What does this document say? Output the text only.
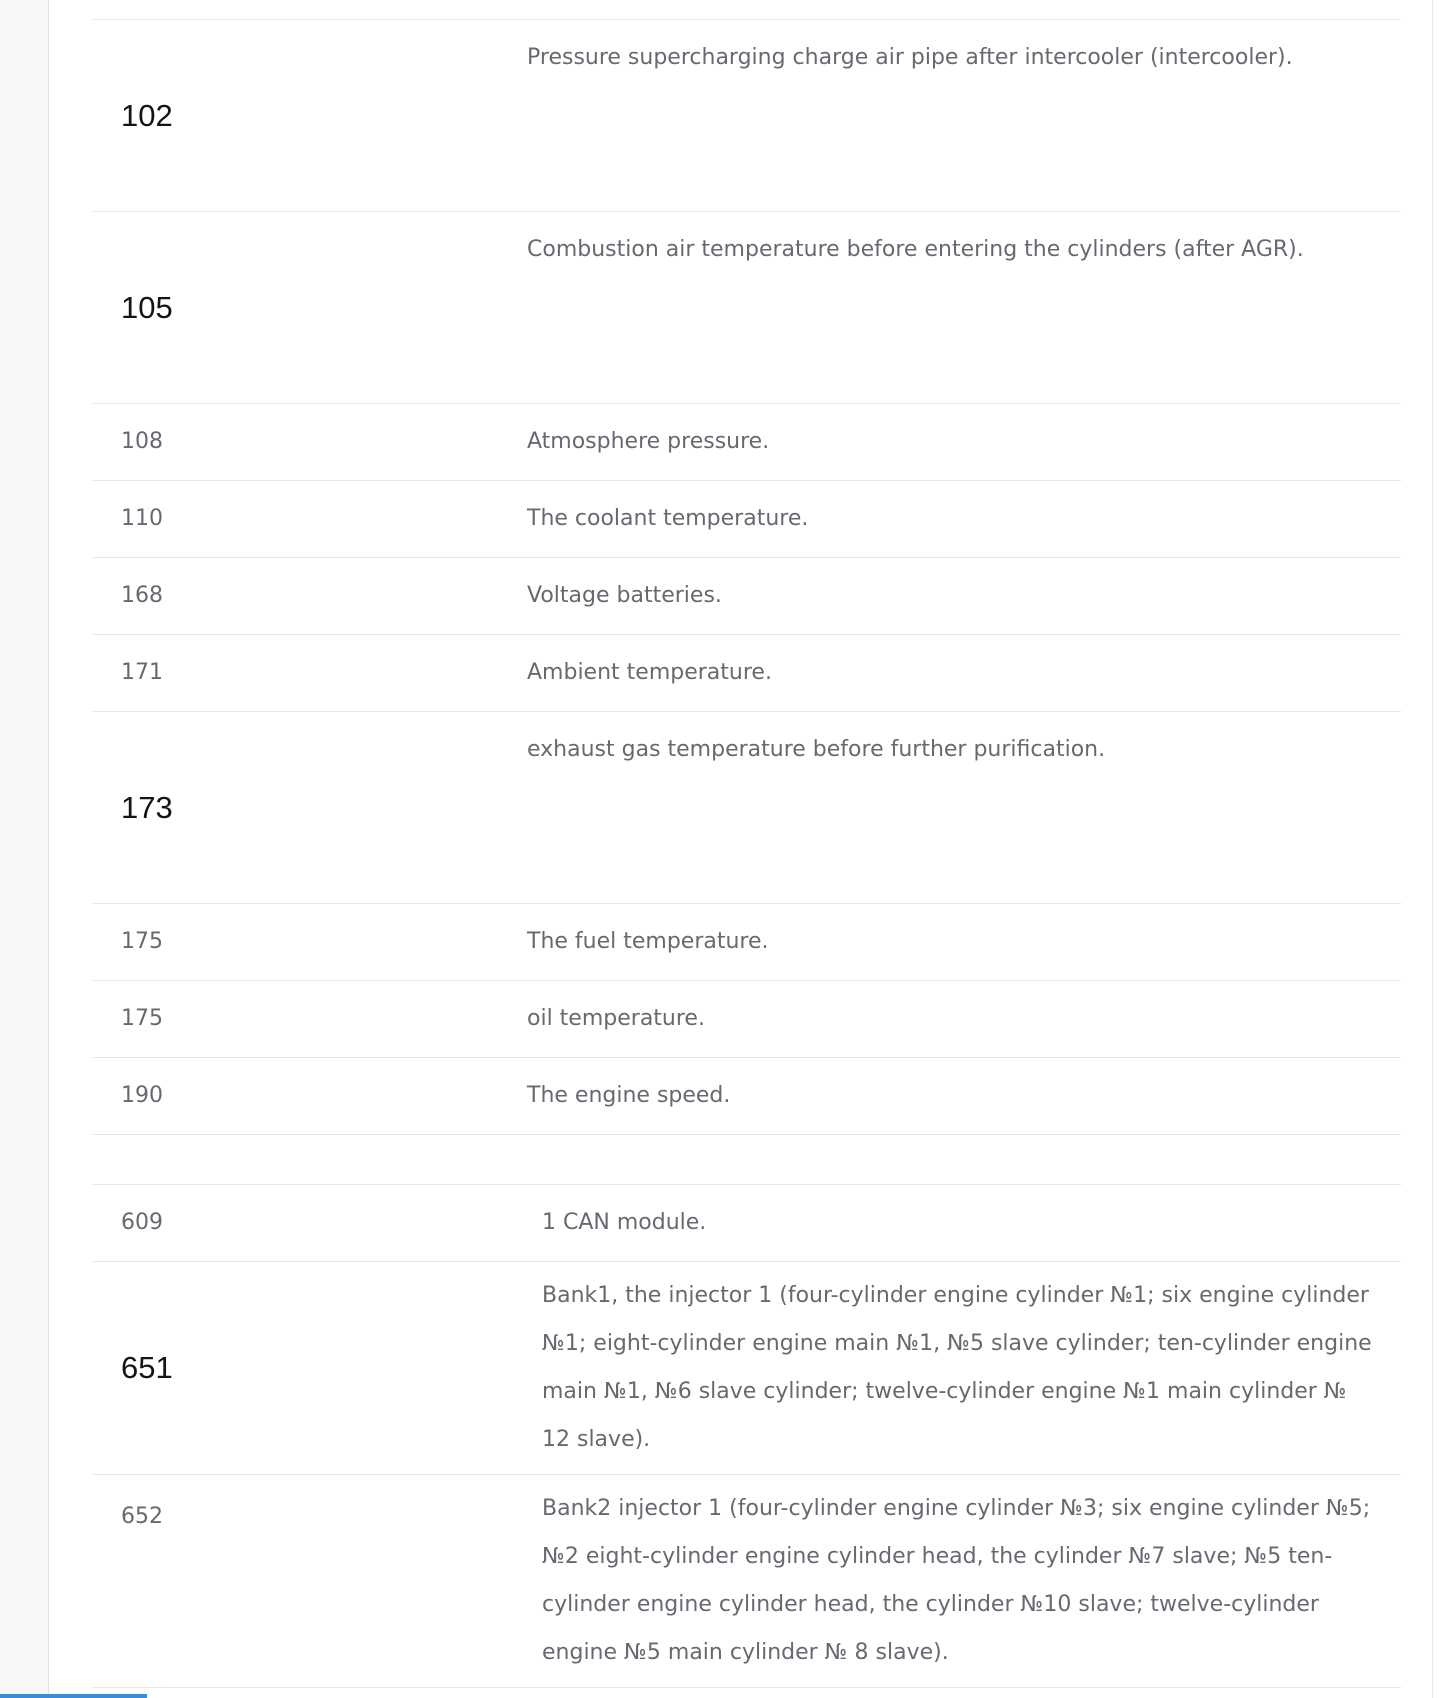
102	Pressure supercharging charge air pipe after intercooler (intercooler).
105	Combustion air temperature before entering the cylinders (after AGR).
108	Atmosphere pressure.
110	The coolant temperature.
168	Voltage batteries.
171	Ambient temperature.
173	exhaust gas temperature before further purification.
175	The fuel temperature.
175	oil temperature.
190	The engine speed.

609	1 CAN module.
651	Bank1, the injector 1 (four-cylinder engine cylinder №1; six engine cylinder №1; eight-cylinder engine main №1, №5 slave cylinder; ten-cylinder engine main №1, №6 slave cylinder; twelve-cylinder engine №1 main cylinder № 12 slave).

652	Bank2 injector 1 (four-cylinder engine cylinder №3; six engine cylinder №5; №2 eight-cylinder engine cylinder head, the cylinder №7 slave; №5 ten-cylinder engine cylinder head, the cylinder №10 slave; twelve-cylinder engine №5 main cylinder № 8 slave).
